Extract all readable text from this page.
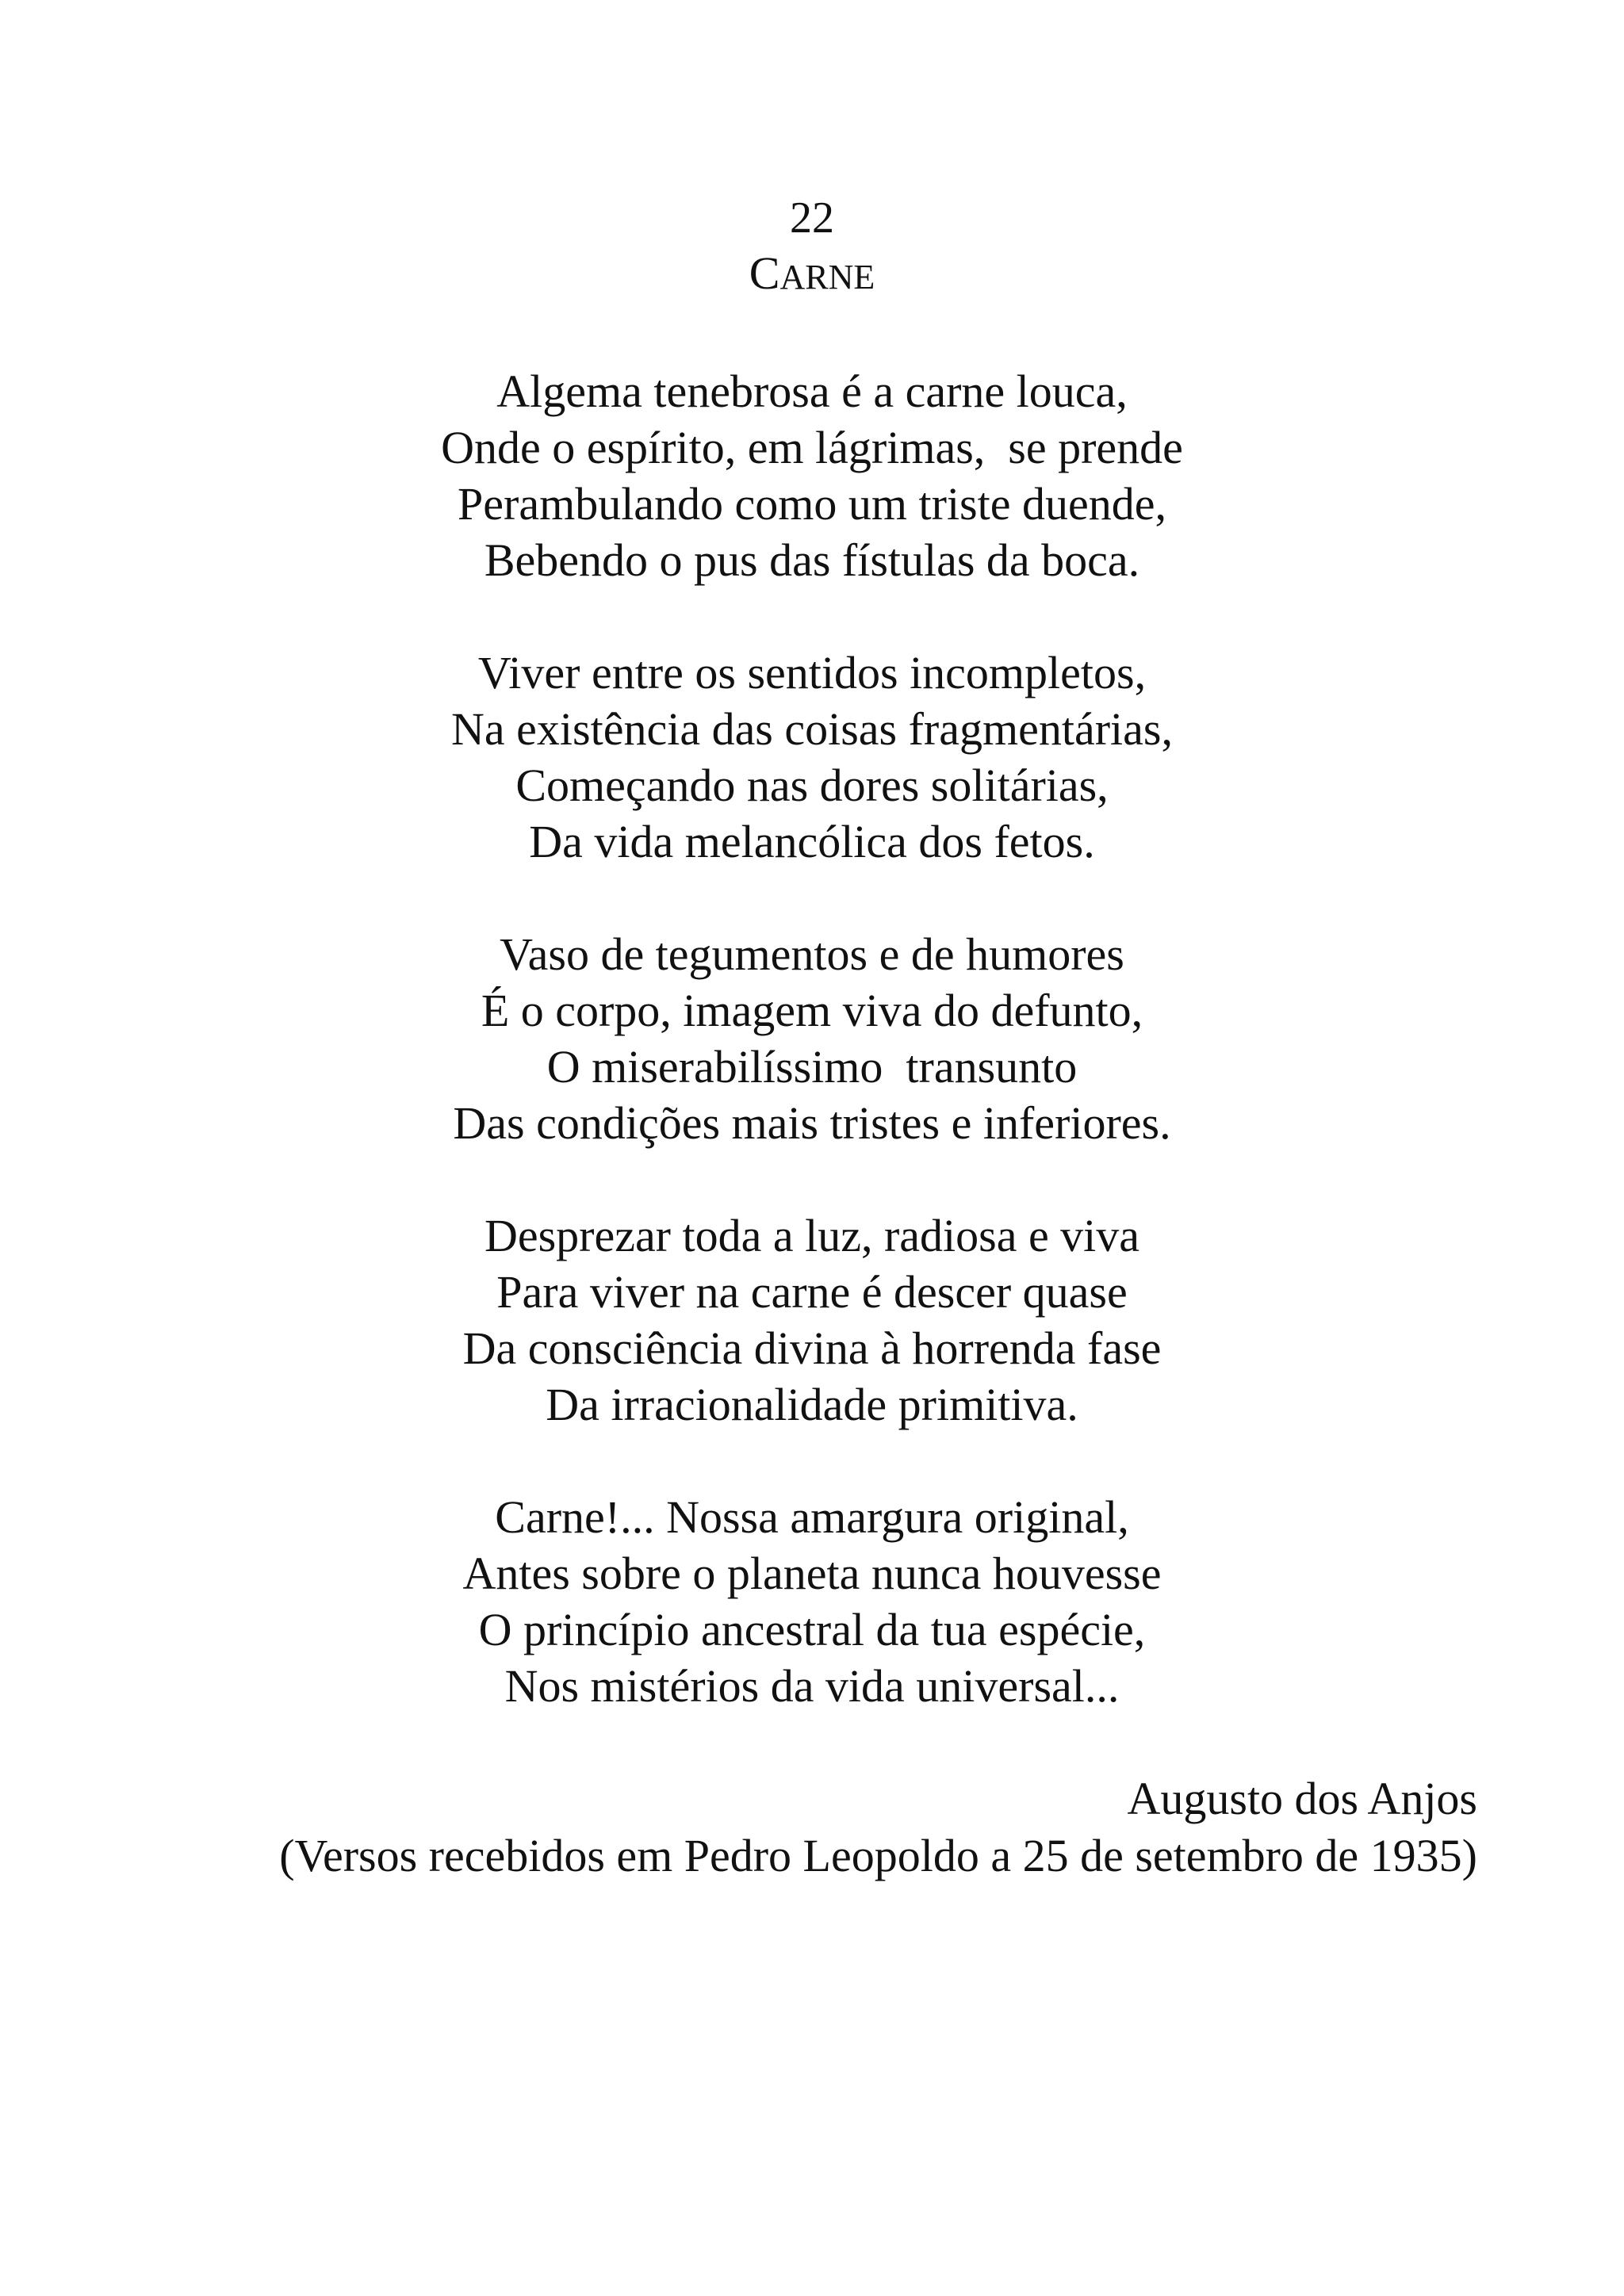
22
CARNE
Algema tenebrosa é a carne louca,
Onde o espírito, em lágrimas,  se prende
Perambulando como um triste duende,
Bebendo o pus das fístulas da boca.
Viver entre os sentidos incompletos,
Na existência das coisas fragmentárias,
Começando nas dores solitárias,
Da vida melancólica dos fetos.
Vaso de tegumentos e de humores
É o corpo, imagem viva do defunto,
O miserabilíssimo  transunto
Das condições mais tristes e inferiores.
Desprezar toda a luz, radiosa e viva
Para viver na carne é descer quase
Da consciência divina à horrenda fase
Da irracionalidade primitiva.
Carne!... Nossa amargura original,
Antes sobre o planeta nunca houvesse
O princípio ancestral da tua espécie,
Nos mistérios da vida universal...
Augusto dos Anjos
(Versos recebidos em Pedro Leopoldo a 25 de setembro de 1935)
